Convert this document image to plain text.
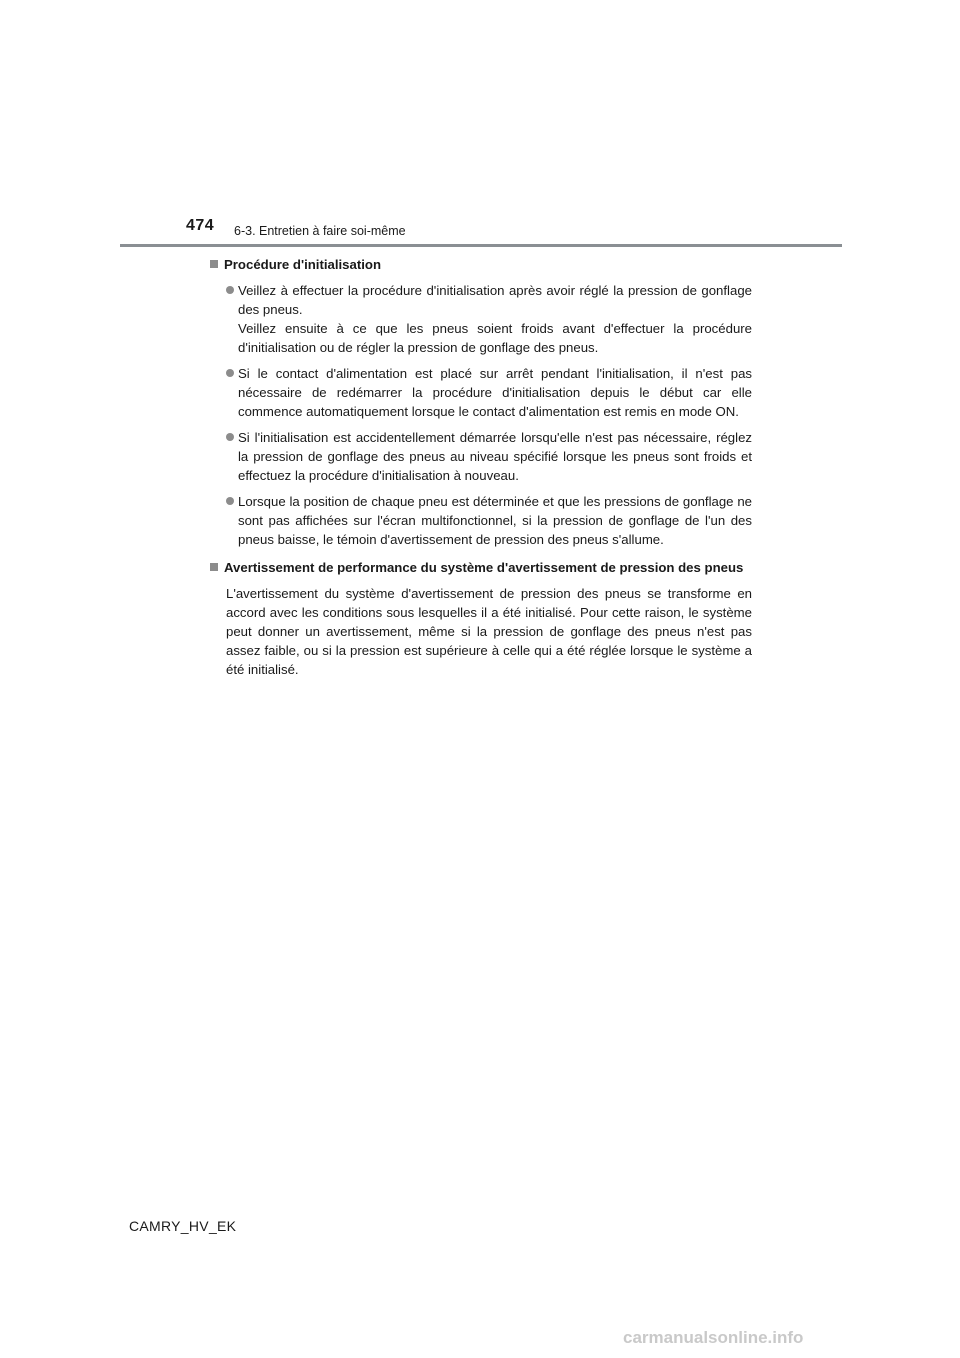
474 6-3. Entretien à faire soi-même
Procédure d'initialisation

Veillez à effectuer la procédure d'initialisation après avoir réglé la pression de gonflage des pneus.

Veillez ensuite à ce que les pneus soient froids avant d'effectuer la procédure d'initialisation ou de régler la pression de gonflage des pneus.

Si le contact d'alimentation est placé sur arrêt pendant l'initialisation, il n'est pas nécessaire de redémarrer la procédure d'initialisation depuis le début car elle commence automatiquement lorsque le contact d'alimentation est remis en mode ON.

Si l'initialisation est accidentellement démarrée lorsqu'elle n'est pas nécessaire, réglez la pression de gonflage des pneus au niveau spécifié lorsque les pneus sont froids et effectuez la procédure d'initialisation à nouveau.

Lorsque la position de chaque pneu est déterminée et que les pressions de gonflage ne sont pas affichées sur l'écran multifonctionnel, si la pression de gonflage de l'un des pneus baisse, le témoin d'avertissement de pression des pneus s'allume.

Avertissement de performance du système d'avertissement de pression des pneus

L'avertissement du système d'avertissement de pression des pneus se transforme en accord avec les conditions sous lesquelles il a été initialisé. Pour cette raison, le système peut donner un avertissement, même si la pression de gonflage des pneus n'est pas assez faible, ou si la pression est supérieure à celle qui a été réglée lorsque le système a été initialisé.

CAMRY_HV_EK
carmanualsonline.info
